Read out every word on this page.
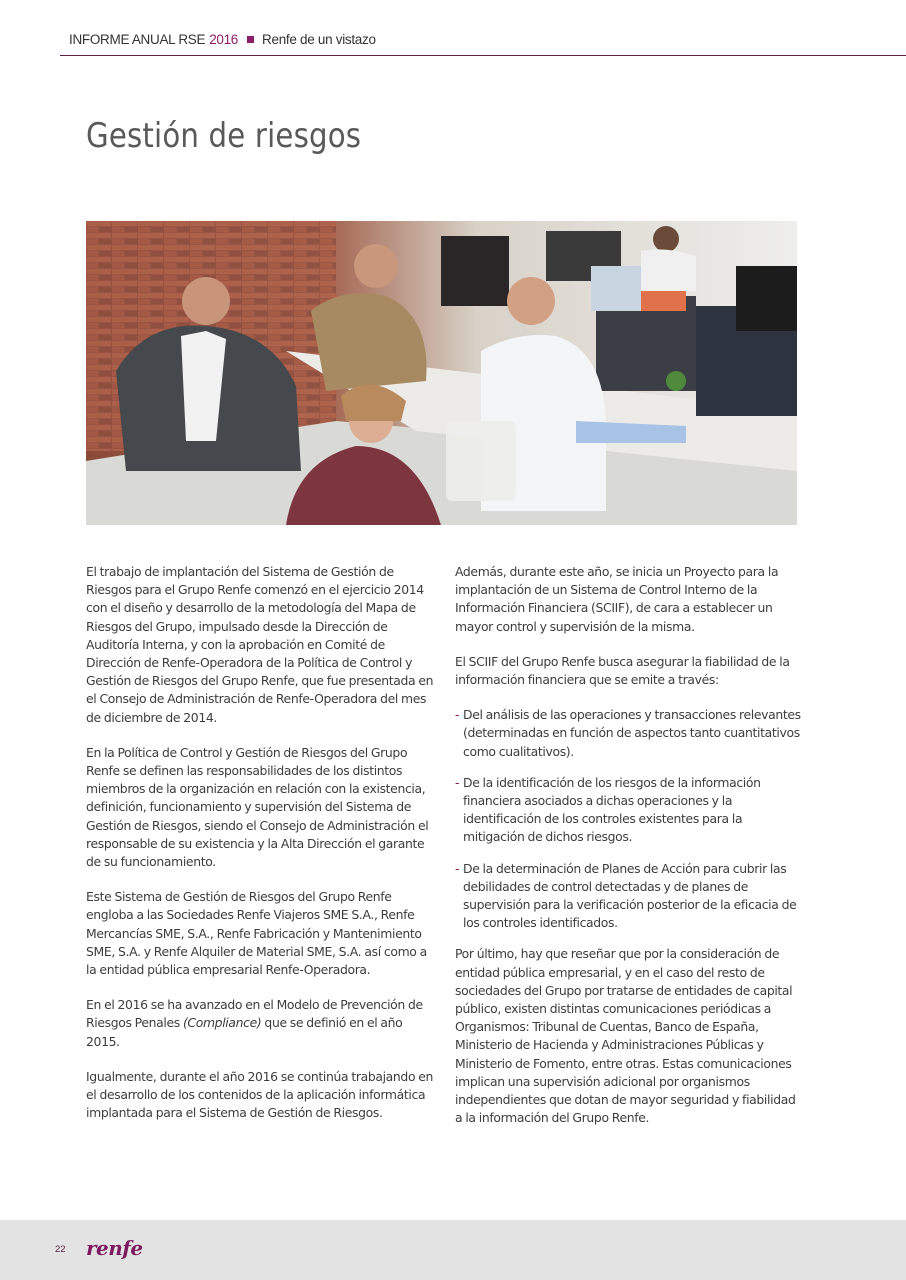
INFORME ANUAL RSE 2016 Renfe de un vistazo
Gestión de riesgos

El trabajo de implantación del Sistema de Gestión de Riesgos para el Grupo Renfe comenzó en el ejercicio 2014 con el diseño y desarrollo de la metodología del Mapa de Riesgos del Grupo, impulsado desde la Dirección de Auditoría Interna, y con la aprobación en Comité de Dirección de Renfe-Operadora de la Política de Control y Gestión de Riesgos del Grupo Renfe, que fue presentada en el Consejo de Administración de Renfe-Operadora del mes de diciembre de 2014.

En la Política de Control y Gestión de Riesgos del Grupo Renfe se definen las responsabilidades de los distintos miembros de la organización en relación con la existencia, definición, funcionamiento y supervisión del Sistema de Gestión de Riesgos, siendo el Consejo de Administración el responsable de su existencia y la Alta Dirección el garante de su funcionamiento.

Este Sistema de Gestión de Riesgos del Grupo Renfe engloba a las Sociedades Renfe Viajeros SME S.A., Renfe Mercancías SME, S.A., Renfe Fabricación y Mantenimiento SME, S.A. y Renfe Alquiler de Material SME, S.A. así como a la entidad pública empresarial Renfe-Operadora.

En el 2016 se ha avanzado en el Modelo de Prevención de Riesgos Penales (Compliance) que se definió en el año 2015.

Igualmente, durante el año 2016 se continúa trabajando en el desarrollo de los contenidos de la aplicación informática implantada para el Sistema de Gestión de Riesgos.

Además, durante este año, se inicia un Proyecto para la implantación de un Sistema de Control Interno de la Información Financiera (SCIIF), de cara a establecer un mayor control y supervisión de la misma.

El SCIIF del Grupo Renfe busca asegurar la fiabilidad de la información financiera que se emite a través:

- Del análisis de las operaciones y transacciones relevantes (determinadas en función de aspectos tanto cuantitativos como cualitativos).
- De la identificación de los riesgos de la información financiera asociados a dichas operaciones y la identificación de los controles existentes para la mitigación de dichos riesgos.
- De la determinación de Planes de Acción para cubrir las debilidades de control detectadas y de planes de supervisión para la verificación posterior de la eficacia de los controles identificados.

Por último, hay que reseñar que por la consideración de entidad pública empresarial, y en el caso del resto de sociedades del Grupo por tratarse de entidades de capital público, existen distintas comunicaciones periódicas a Organismos: Tribunal de Cuentas, Banco de España, Ministerio de Hacienda y Administraciones Públicas y Ministerio de Fomento, entre otras. Estas comunicaciones implican una supervisión adicional por organismos independientes que dotan de mayor seguridad y fiabilidad a la información del Grupo Renfe.

22 renfe
